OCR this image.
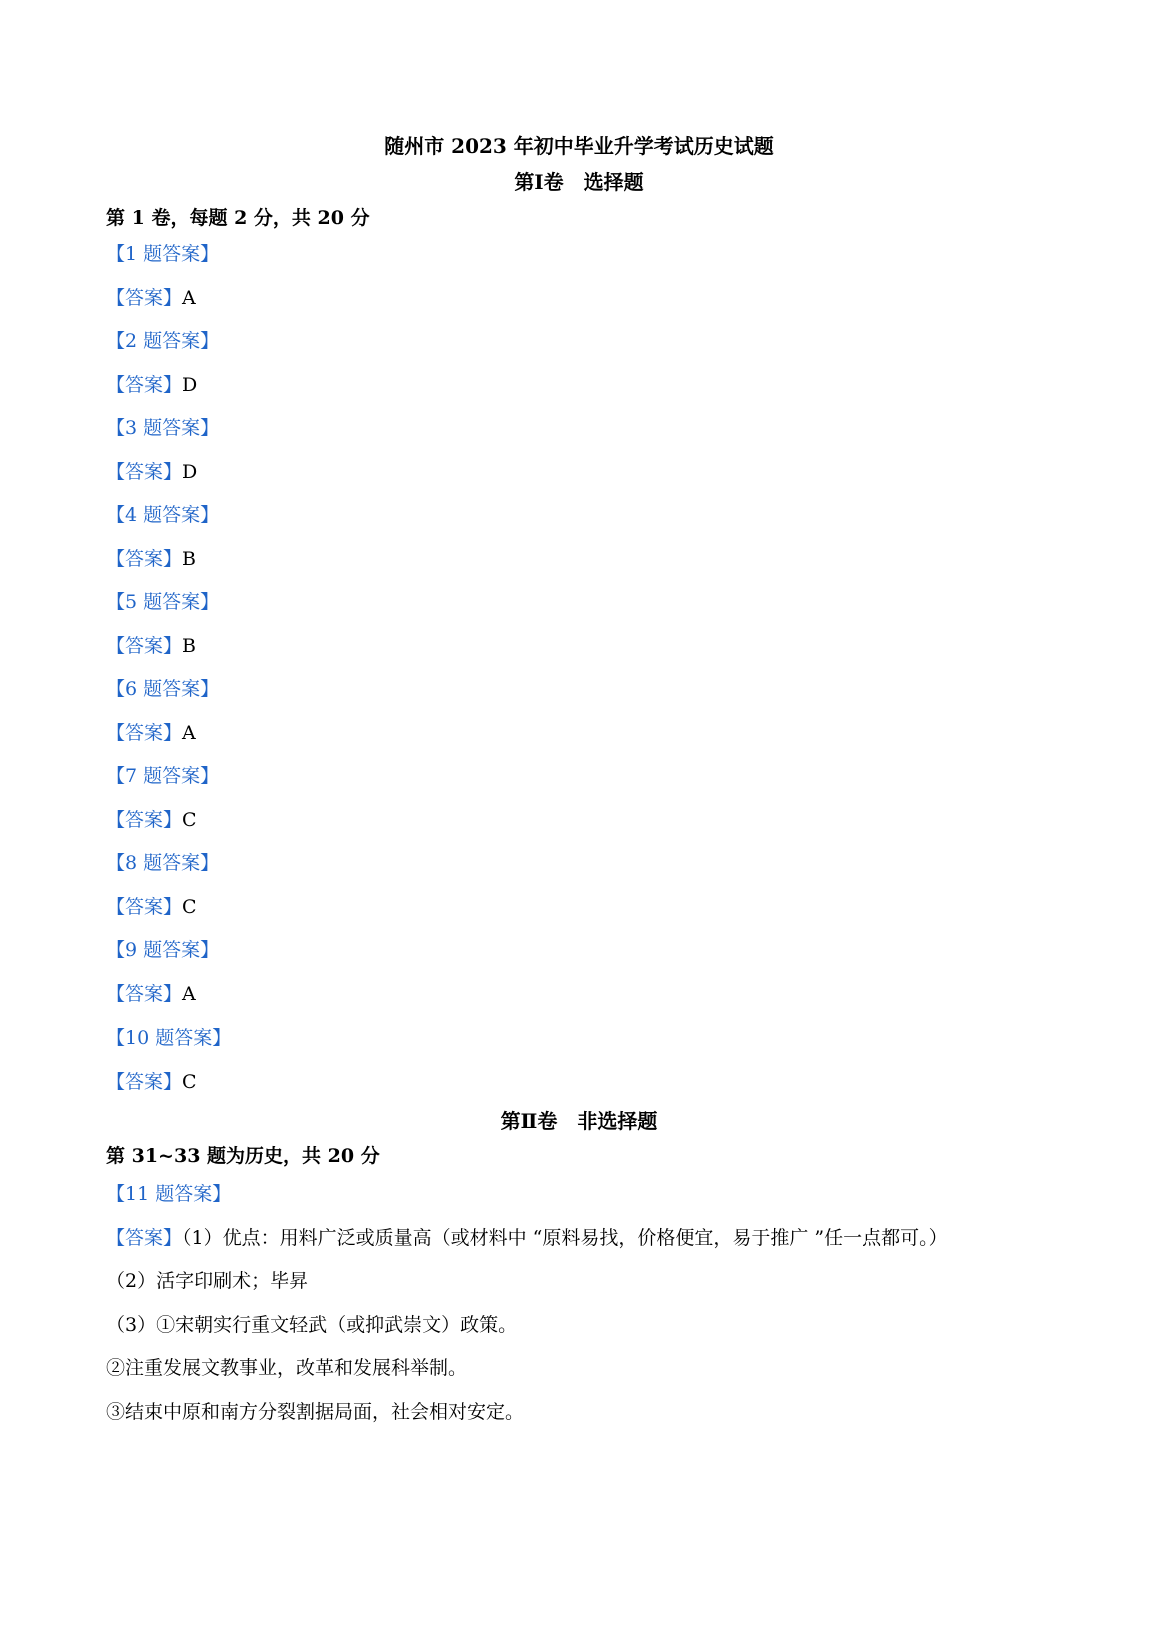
随州市 2023 年初中毕业升学考试历史试题
第Ⅰ卷　选择题
第 1 卷，每题 2 分，共 20 分
【1 题答案】
【答案】A
【2 题答案】
【答案】D
【3 题答案】
【答案】D
【4 题答案】
【答案】B
【5 题答案】
【答案】B
【6 题答案】
【答案】A
【7 题答案】
【答案】C
【8 题答案】
【答案】C
【9 题答案】
【答案】A
【10 题答案】
【答案】C
第Ⅱ卷　非选择题
第 31~33 题为历史，共 20 分
【11 题答案】
【答案】（1）优点：用料广泛或质量高（或材料中 “原料易找，价格便宜，易于推广 ”任一点都可。）
（2）活字印刷术；毕昇
（3）①宋朝实行重文轻武（或抑武崇文）政策。
②注重发展文教事业，改革和发展科举制。
③结束中原和南方分裂割据局面，社会相对安定。
